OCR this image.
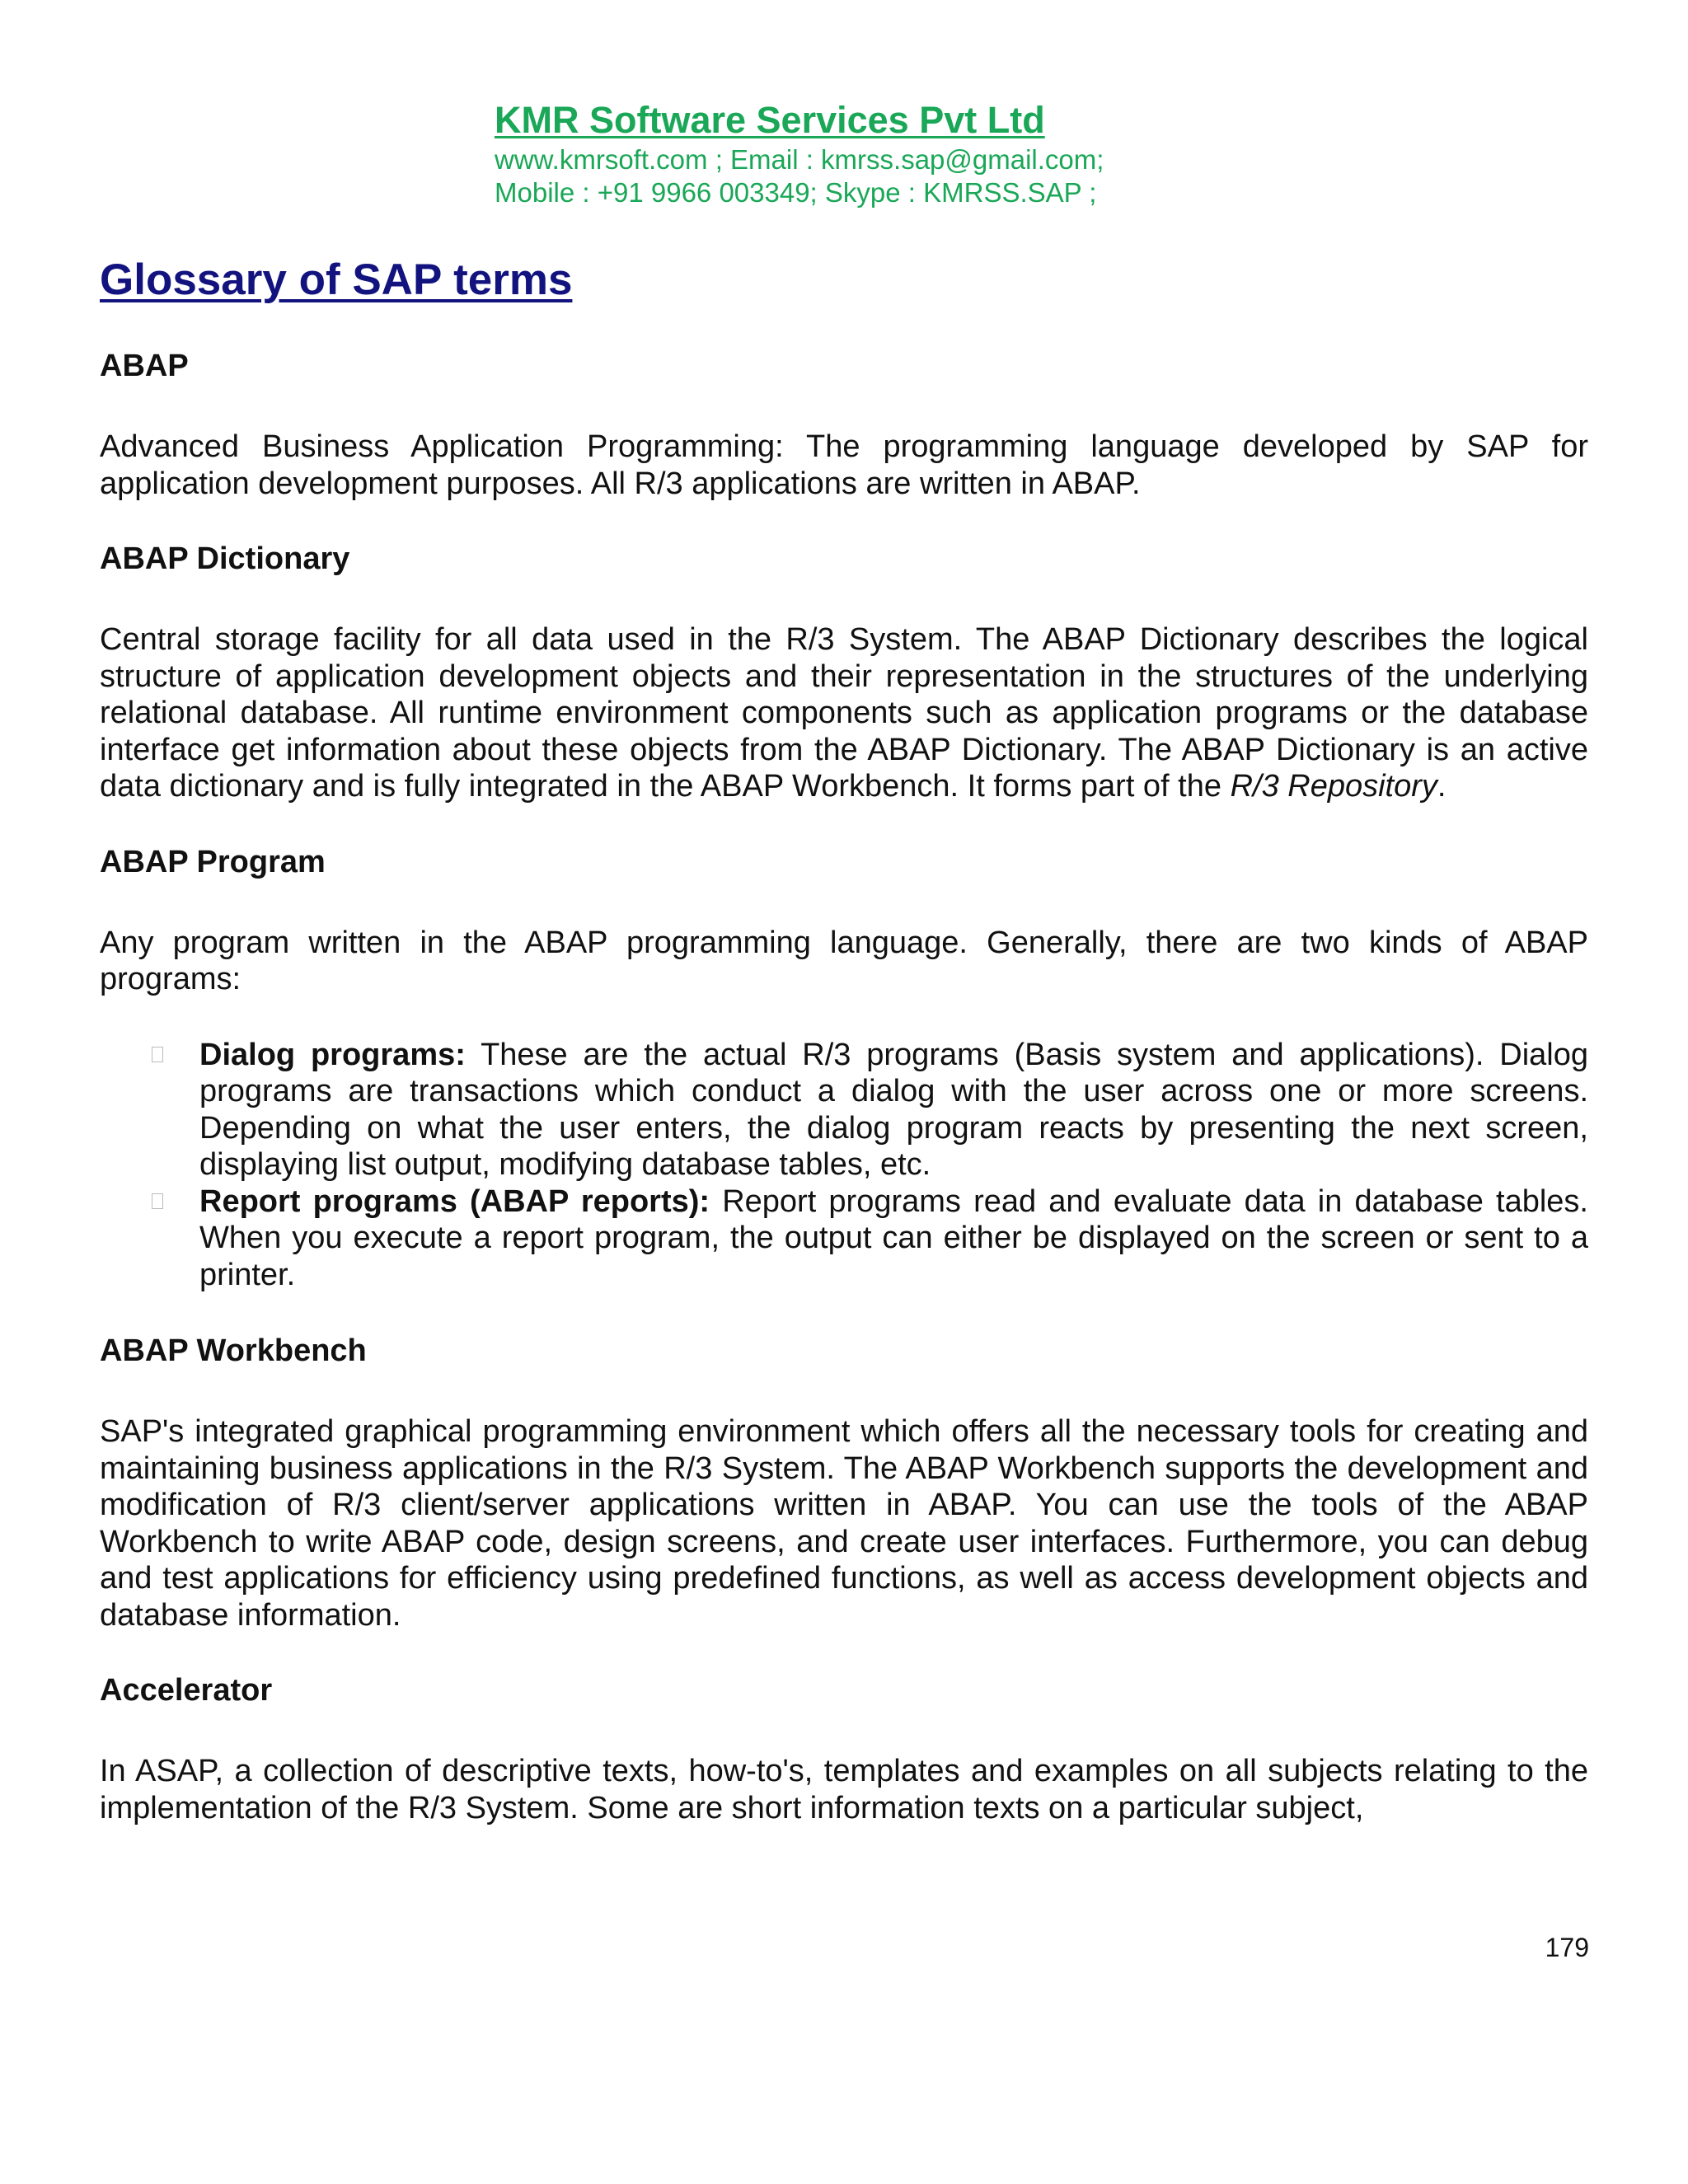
KMR Software Services Pvt Ltd

www.kmrsoft.com ; Email : kmrss.sap@gmail.com;

Mobile : +91 9966 003349; Skype : KMRSS.SAP ;

Glossary of SAP terms

ABAP

Advanced Business Application Programming: The programming language developed by SAP for application development purposes. All R/3 applications are written in ABAP.

ABAP Dictionary

Central storage facility for all data used in the R/3 System. The ABAP Dictionary describes the logical structure of application development objects and their representation in the structures of the underlying relational database. All runtime environment components such as application programs or the database interface get information about these objects from the ABAP Dictionary. The ABAP Dictionary is an active data dictionary and is fully integrated in the ABAP Workbench. It forms part of the R/3 Repository.

ABAP Program

Any program written in the ABAP programming language. Generally, there are two kinds of ABAP programs:

Dialog programs: These are the actual R/3 programs (Basis system and applications). Dialog programs are transactions which conduct a dialog with the user across one or more screens. Depending on what the user enters, the dialog program reacts by presenting the next screen, displaying list output, modifying database tables, etc.
Report programs (ABAP reports): Report programs read and evaluate data in database tables. When you execute a report program, the output can either be displayed on the screen or sent to a printer.

ABAP Workbench

SAP's integrated graphical programming environment which offers all the necessary tools for creating and maintaining business applications in the R/3 System. The ABAP Workbench supports the development and modification of R/3 client/server applications written in ABAP. You can use the tools of the ABAP Workbench to write ABAP code, design screens, and create user interfaces. Furthermore, you can debug and test applications for efficiency using predefined functions, as well as access development objects and database information.

Accelerator

In ASAP, a collection of descriptive texts, how-to's, templates and examples on all subjects relating to the implementation of the R/3 System. Some are short information texts on a particular subject,

179
